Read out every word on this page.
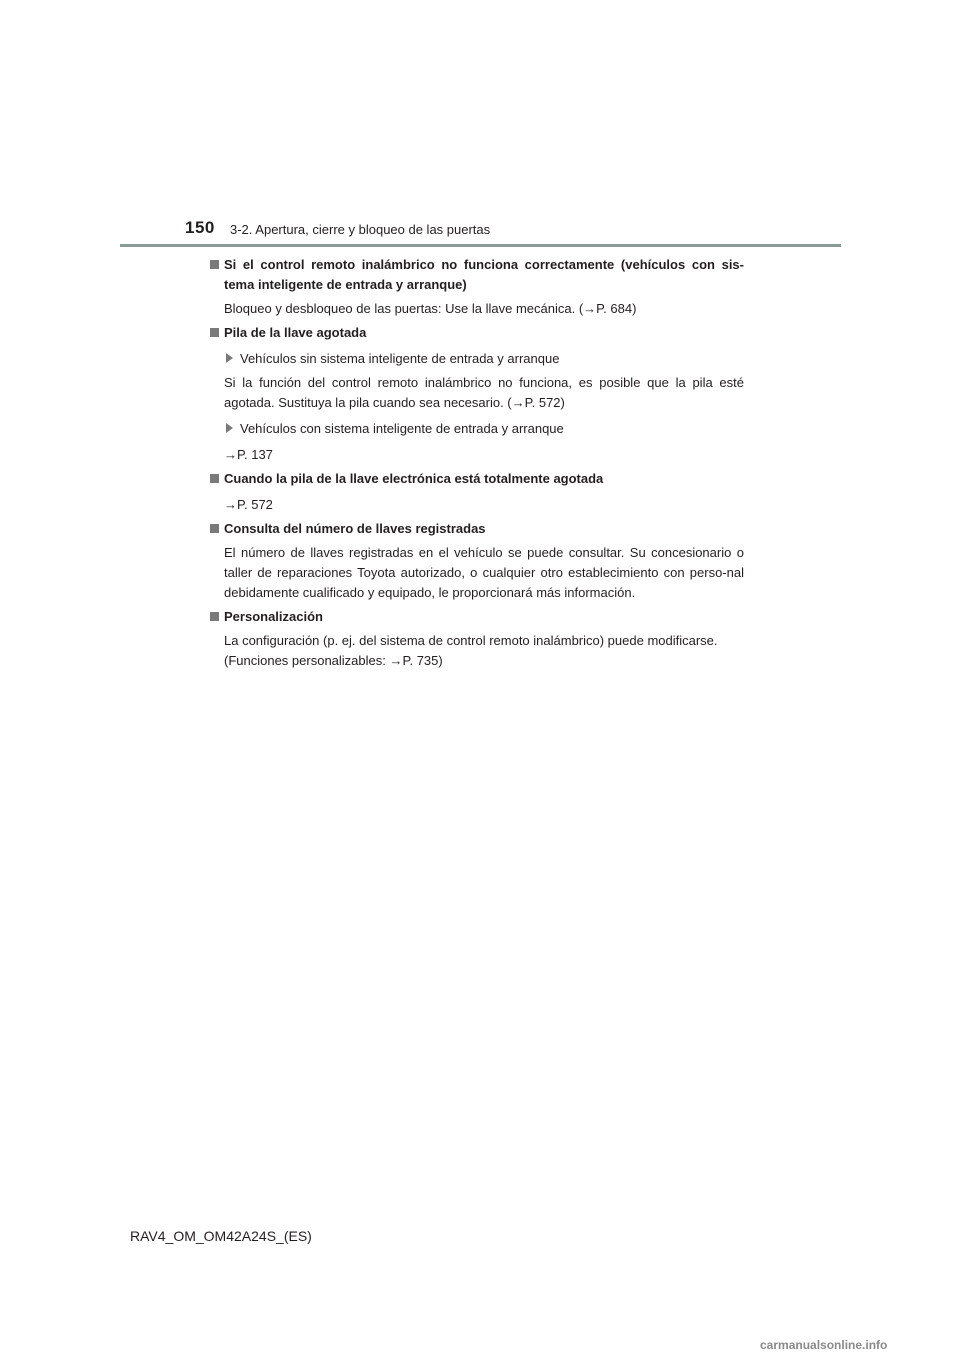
150 3-2. Apertura, cierre y bloqueo de las puertas
Si el control remoto inalámbrico no funciona correctamente (vehículos con sis-tema inteligente de entrada y arranque)
Bloqueo y desbloqueo de las puertas: Use la llave mecánica. (→P. 684)
Pila de la llave agotada
Vehículos sin sistema inteligente de entrada y arranque
Si la función del control remoto inalámbrico no funciona, es posible que la pila esté agotada. Sustituya la pila cuando sea necesario. (→P. 572)
Vehículos con sistema inteligente de entrada y arranque
→P. 137
Cuando la pila de la llave electrónica está totalmente agotada
→P. 572
Consulta del número de llaves registradas
El número de llaves registradas en el vehículo se puede consultar. Su concesionario o taller de reparaciones Toyota autorizado, o cualquier otro establecimiento con perso-nal debidamente cualificado y equipado, le proporcionará más información.
Personalización
La configuración (p. ej. del sistema de control remoto inalámbrico) puede modificarse.
(Funciones personalizables: →P. 735)
RAV4_OM_OM42A24S_(ES)
carmanualsonline.info
